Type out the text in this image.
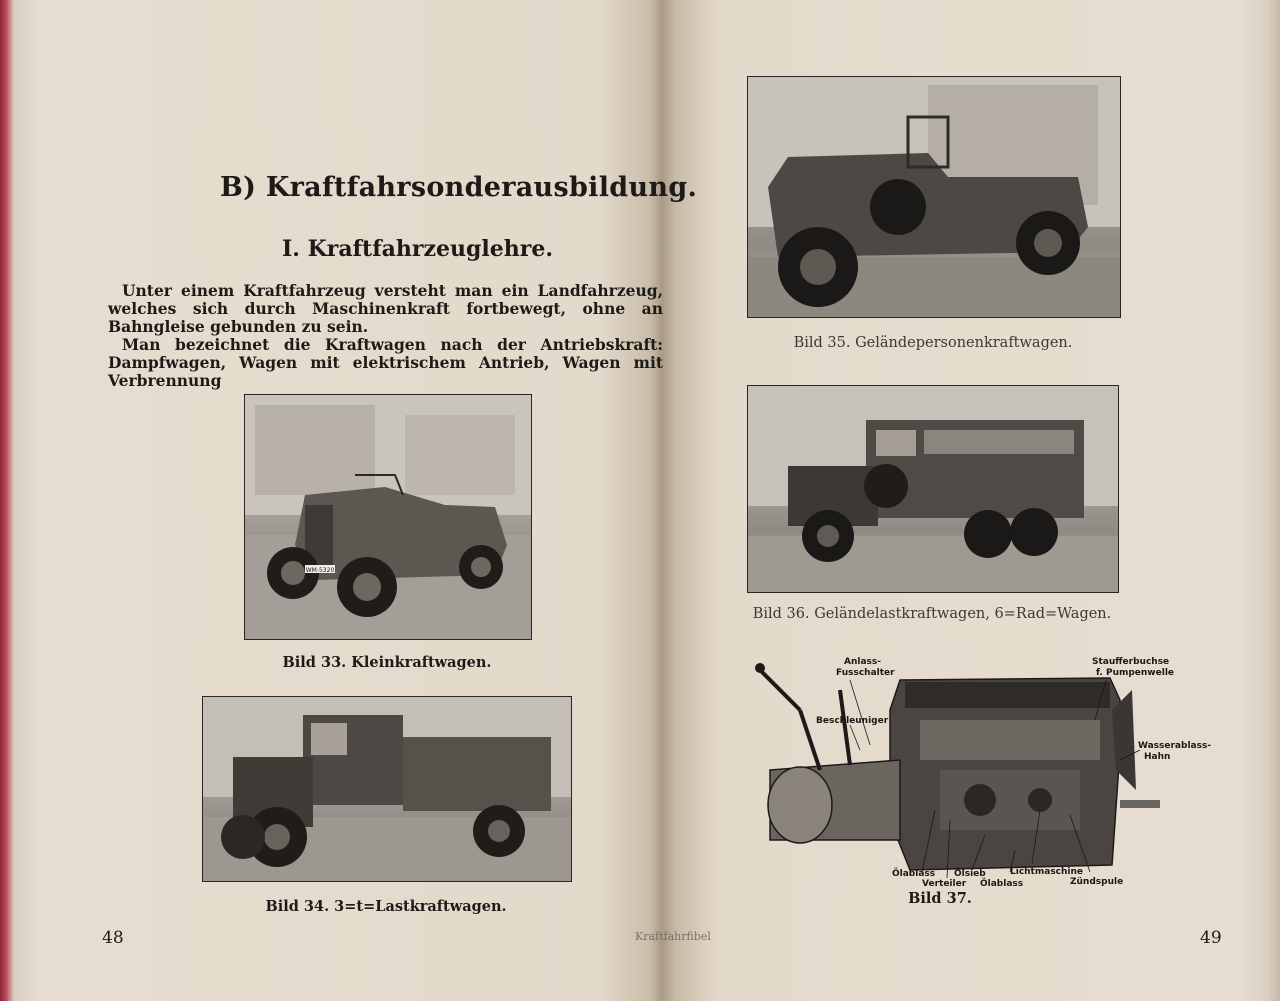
B) Kraftfahrsonderausbildung.
I. Kraftfahrzeuglehre.

Unter einem Kraftfahrzeug versteht man ein Landfahrzeug, welches sich durch Maschinenkraft fortbewegt, ohne an Bahngleise gebunden zu sein.

Man bezeichnet die Kraftwagen nach der Antriebskraft: Dampfwagen, Wagen mit elektrischem Antrieb, Wagen mit Verbrennung

WM-5320
Bild 33. Kleinkraftwagen.
Bild 34. 3=t=Lastkraftwagen.
48	Kraftfahrfibel
Bild 35. Geländepersonenkraftwagen.
Bild 36. Geländelastkraftwagen, 6=Rad=Wagen.
Anlass-
Fusschalter
Beschleuniger
Staufferbuchse
f. Pumpenwelle
Wasserablass-
Hahn
Ölablass
Verteiler
Ölsieb
Ölablass
Lichtmaschine
Zündspule
Bild 37.
49
